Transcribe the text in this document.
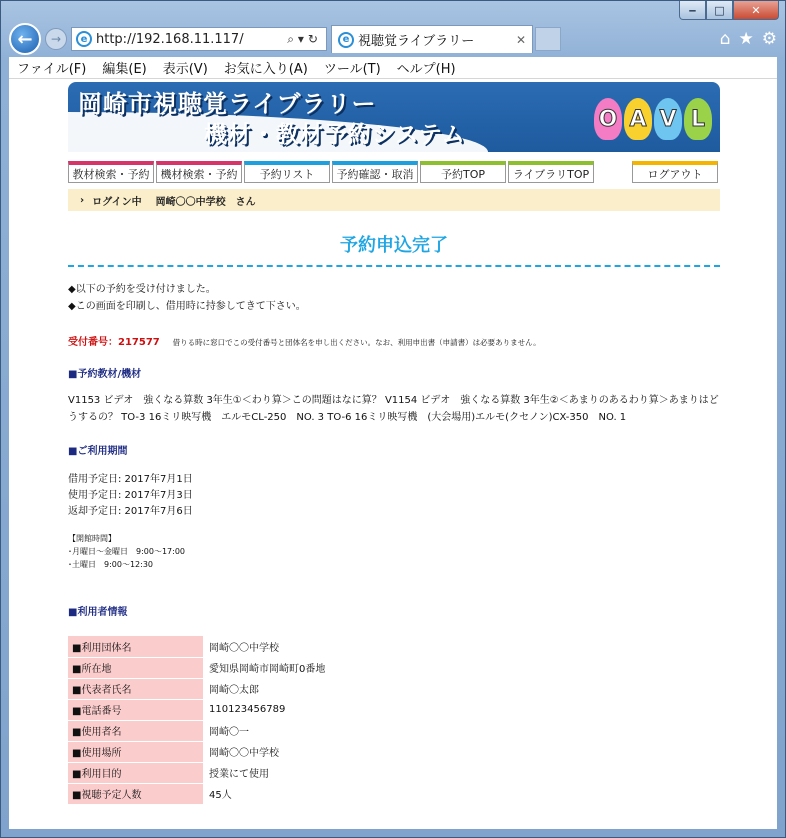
‒	□	✕
←	→	e http://192.168.11.117/	⌕▾↻	e 視聴覚ライブラリー	✕	⌂ ★ ⚙
ファイル(F)	編集(E)	表示(V)	お気に入り(A)	ツール(T)	ヘルプ(H)
岡崎市視聴覚ライブラリー
機材・教材予約システム
O A V L
教材検索・予約 機材検索・予約 予約リスト 予約確認・取消 予約TOP	ライブラリTOP	ログアウト
› ログイン中 岡崎〇〇中学校　さん
予約申込完了
◆以下の予約を受け付けました。
◆この画面を印刷し、借用時に持参してきて下さい。
受付番号：217577 借りる時に窓口でこの受付番号と団体名を申し出ください。なお、利用申出書（申請書）は必要ありません。
■予約教材/機材
V1153 ビデオ　強くなる算数 3年生①＜わり算＞この問題はなに算？ V1154 ビデオ　強くなる算数 3年生②＜あまりのあるわり算＞あまりはどうするの？ TO-3 16ミリ映写機　エルモCL-250　NO. 3 TO-6 16ミリ映写機　(大会場用)エルモ(クセノン)CX-350　NO. 1
■ご利用期間
借用予定日: 2017年7月1日
使用予定日: 2017年7月3日
返却予定日: 2017年7月6日
【開館時間】
･月曜日～金曜日　9:00～17:00
･土曜日　9:00～12:30
■利用者情報
■利用団体名	岡崎〇〇中学校
■所在地	愛知県岡崎市岡崎町0番地
■代表者氏名	岡崎〇太郎
■電話番号	110123456789
■使用者名	岡崎〇一
■使用場所	岡崎〇〇中学校
■利用目的	授業にて使用
■視聴予定人数	45人
